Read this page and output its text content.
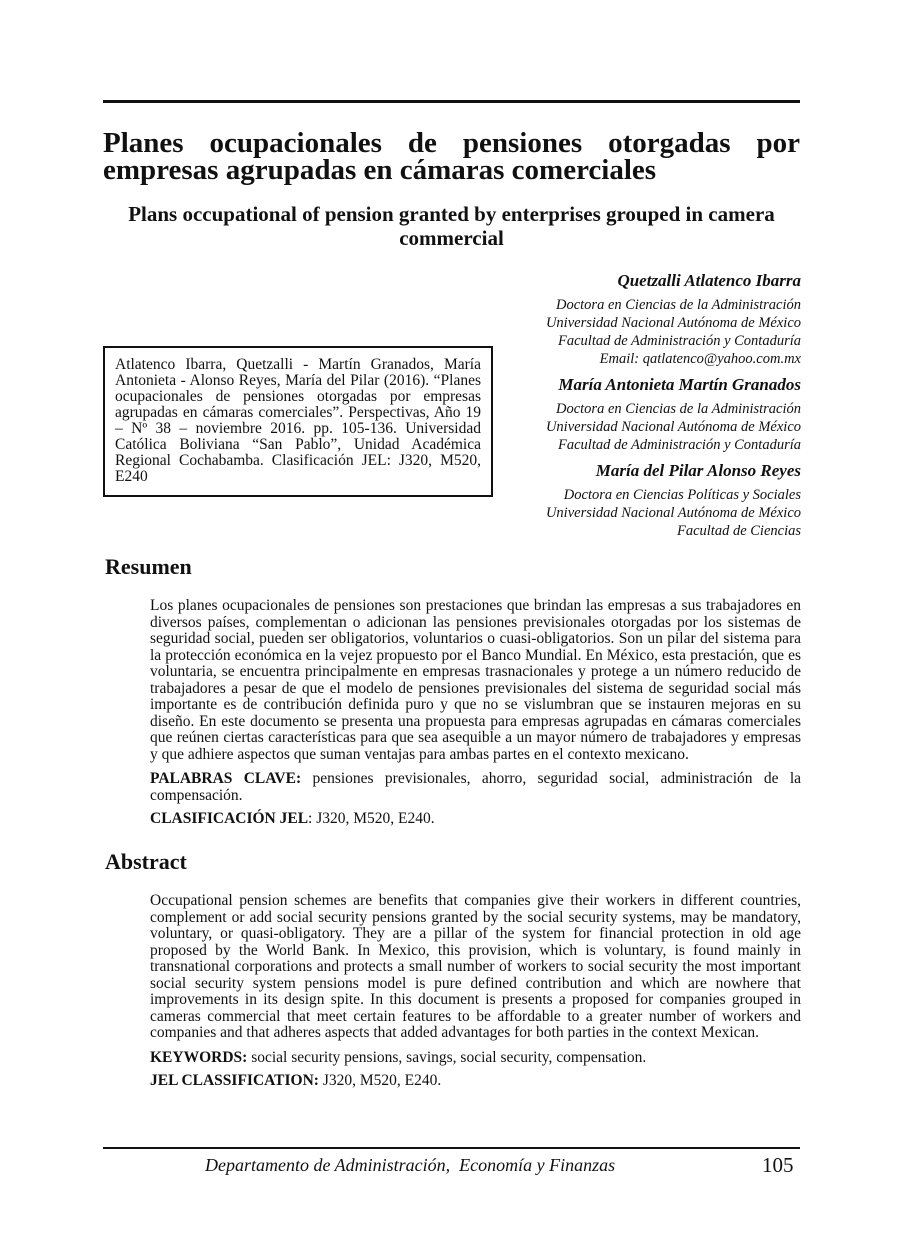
Planes ocupacionales de pensiones otorgadas por empresas agrupadas en cámaras comerciales
Plans occupational of pension granted by enterprises grouped in camera commercial
Quetzalli Atlatenco Ibarra
Doctora en Ciencias de la Administración
Universidad Nacional Autónoma de México
Facultad de Administración y Contaduría
Email: qatlatenco@yahoo.com.mx
María Antonieta Martín Granados
Doctora en Ciencias de la Administración
Universidad Nacional Autónoma de México
Facultad de Administración y Contaduría
María del Pilar Alonso Reyes
Doctora en Ciencias Políticas y Sociales
Universidad Nacional Autónoma de México
Facultad de Ciencias
Atlatenco Ibarra, Quetzalli - Martín Granados, María Antonieta - Alonso Reyes, María del Pilar (2016). “Planes ocupacionales de pensiones otorgadas por empresas agrupadas en cámaras comerciales”. Perspectivas, Año 19 – Nº 38 – noviembre 2016. pp. 105-136. Universidad Católica Boliviana “San Pablo”, Unidad Académica Regional Cochabamba. Clasificación JEL: J320, M520, E240
Resumen

Los planes ocupacionales de pensiones son prestaciones que brindan las empresas a sus trabajadores en diversos países, complementan o adicionan las pensiones previsionales otorgadas por los sistemas de seguridad social, pueden ser obligatorios, voluntarios o cuasi-obligatorios. Son un pilar del sistema para la protección económica en la vejez propuesto por el Banco Mundial. En México, esta prestación, que es voluntaria, se encuentra principalmente en empresas trasnacionales y protege a un número reducido de trabajadores a pesar de que el modelo de pensiones previsionales del sistema de seguridad social más importante es de contribución definida puro y que no se vislumbran que se instauren mejoras en su diseño. En este documento se presenta una propuesta para empresas agrupadas en cámaras comerciales que reúnen ciertas características para que sea asequible a un mayor número de trabajadores y empresas y que adhiere aspectos que suman ventajas para ambas partes en el contexto mexicano.

PALABRAS CLAVE: pensiones previsionales, ahorro, seguridad social, administración de la compensación.

CLASIFICACIÓN JEL: J320, M520, E240.

Abstract

Occupational pension schemes are benefits that companies give their workers in different countries, complement or add social security pensions granted by the social security systems, may be mandatory, voluntary, or quasi-obligatory. They are a pillar of the system for financial protection in old age proposed by the World Bank. In Mexico, this provision, which is voluntary, is found mainly in transnational corporations and protects a small number of workers to social security the most important social security system pensions model is pure defined contribution and which are nowhere that improvements in its design spite. In this document is presents a proposed for companies grouped in cameras commercial that meet certain features to be affordable to a greater number of workers and companies and that adheres aspects that added advantages for both parties in the context Mexican.

KEYWORDS: social security pensions, savings, social security, compensation.

JEL CLASSIFICATION: J320, M520, E240.

Departamento de Administración,  Economía y Finanzas	105
